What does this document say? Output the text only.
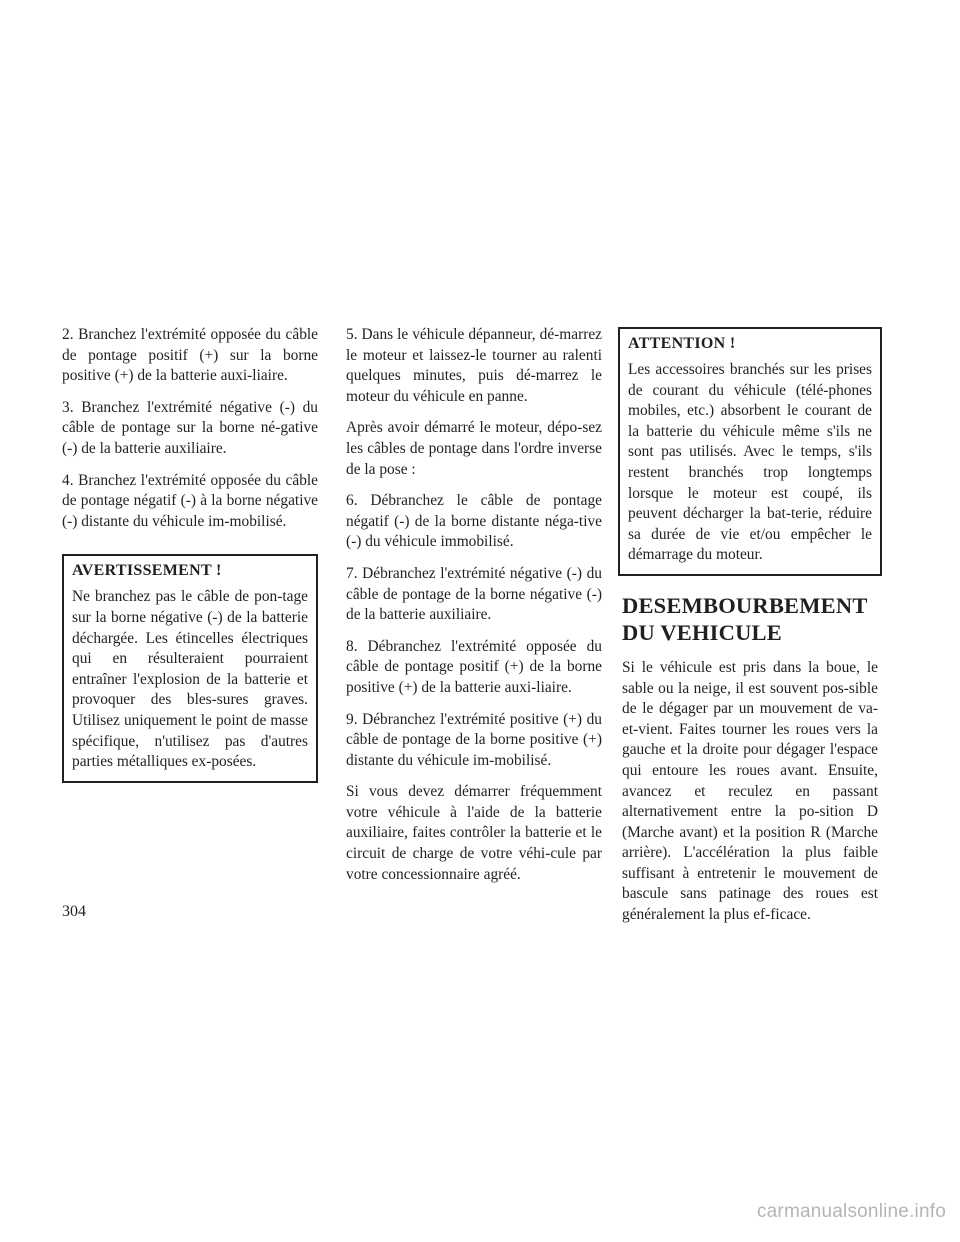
2. Branchez l'extrémité opposée du câble de pontage positif (+) sur la borne positive (+) de la batterie auxi-liaire.

3. Branchez l'extrémité négative (-) du câble de pontage sur la borne né-gative (-) de la batterie auxiliaire.

4. Branchez l'extrémité opposée du câble de pontage négatif (-) à la borne négative (-) distante du véhicule im-mobilisé.

AVERTISSEMENT !

Ne branchez pas le câble de pon-tage sur la borne négative (-) de la batterie déchargée. Les étincelles électriques qui en résulteraient pourraient entraîner l'explosion de la batterie et provoquer des bles-sures graves. Utilisez uniquement le point de masse spécifique, n'utilisez pas d'autres parties métalliques ex-posées.

5. Dans le véhicule dépanneur, dé-marrez le moteur et laissez-le tourner au ralenti quelques minutes, puis dé-marrez le moteur du véhicule en panne.

Après avoir démarré le moteur, dépo-sez les câbles de pontage dans l'ordre inverse de la pose :

6. Débranchez le câble de pontage négatif (-) de la borne distante néga-tive (-) du véhicule immobilisé.

7. Débranchez l'extrémité négative (-) du câble de pontage de la borne négative (-) de la batterie auxiliaire.

8. Débranchez l'extrémité opposée du câble de pontage positif (+) de la borne positive (+) de la batterie auxi-liaire.

9. Débranchez l'extrémité positive (+) du câble de pontage de la borne positive (+) distante du véhicule im-mobilisé.

Si vous devez démarrer fréquemment votre véhicule à l'aide de la batterie auxiliaire, faites contrôler la batterie et le circuit de charge de votre véhi-cule par votre concessionnaire agréé.

ATTENTION !

Les accessoires branchés sur les prises de courant du véhicule (télé-phones mobiles, etc.) absorbent le courant de la batterie du véhicule même s'ils ne sont pas utilisés. Avec le temps, s'ils restent branchés trop longtemps lorsque le moteur est coupé, ils peuvent décharger la bat-terie, réduire sa durée de vie et/ou empêcher le démarrage du moteur.

DESEMBOURBEMENT
DU VEHICULE

Si le véhicule est pris dans la boue, le sable ou la neige, il est souvent pos-sible de le dégager par un mouvement de va-et-vient. Faites tourner les roues vers la gauche et la droite pour dégager l'espace qui entoure les roues avant. Ensuite, avancez et reculez en passant alternativement entre la po-sition D (Marche avant) et la position R (Marche arrière). L'accélération la plus faible suffisant à entretenir le mouvement de bascule sans patinage des roues est généralement la plus ef-ficace.

304
carmanualsonline.info
